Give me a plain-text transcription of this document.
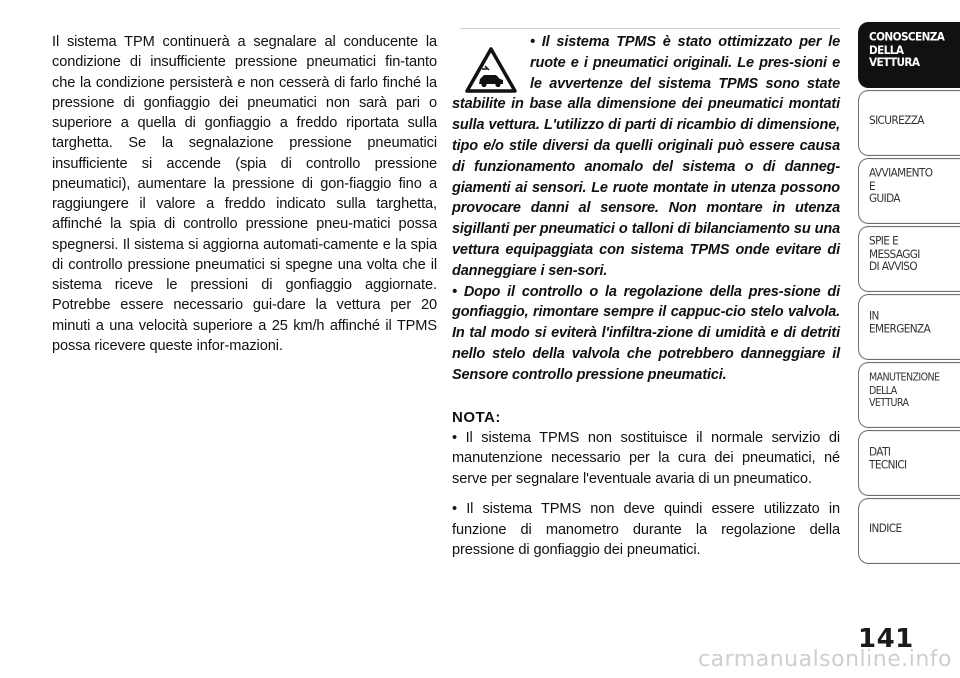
Il sistema TPM continuerà a segnalare al conducente la condizione di insufficiente pressione pneumatici fin-tanto che la condizione persisterà e non cesserà di farlo finché la pressione di gonfiaggio dei pneumatici non sarà pari o superiore a quella di gonfiaggio a freddo riportata sulla targhetta. Se la segnalazione pressione pneumatici insufficiente si accende (spia di controllo pressione pneumatici), aumentare la pressione di gon-fiaggio fino a raggiungere il valore a freddo indicato sulla targhetta, affinché la spia di controllo pressione pneu-matici possa spegnersi. Il sistema si aggiorna automati-camente e la spia di controllo pressione pneumatici si spegne una volta che il sistema riceve le pressioni di gonfiaggio aggiornate. Potrebbe essere necessario gui-dare la vettura per 20 minuti a una velocità superiore a 25 km/h affinché il TPMS possa ricevere queste infor-mazioni.

• Il sistema TPMS è stato ottimizzato per le ruote e i pneumatici originali. Le pres-sioni e le avvertenze del sistema TPMS sono state stabilite in base alla dimensione dei pneumatici montati sulla vettura. L'utilizzo di parti di ricambio di dimensione, tipo e/o stile diversi da quelli originali può essere causa di funzionamento anomalo del sistema o di danneg-giamenti ai sensori. Le ruote montate in utenza possono provocare danni al sensore. Non montare in utenza sigillanti per pneumatici o talloni di bilanciamento su una vettura equipaggiata con sistema TPMS onde evitare di danneggiare i sen-sori.

• Dopo il controllo o la regolazione della pres-sione di gonfiaggio, rimontare sempre il cappuc-cio stelo valvola. In tal modo si eviterà l'infiltra-zione di umidità e di detriti nello stelo della valvola che potrebbero danneggiare il Sensore controllo pressione pneumatici.

NOTA:

• Il sistema TPMS non sostituisce il normale servizio di manutenzione necessario per la cura dei pneumatici, né serve per segnalare l'eventuale avaria di un pneumatico.

• Il sistema TPMS non deve quindi essere utilizzato in funzione di manometro durante la regolazione della pressione di gonfiaggio dei pneumatici.

CONOSCENZA
DELLA
VETTURA
SICUREZZA
AVVIAMENTO
E
GUIDA
SPIE E
MESSAGGI
DI AVVISO
IN
EMERGENZA
MANUTENZIONE
DELLA
VETTURA
DATI
TECNICI
INDICE
141
carmanualsonline.info
